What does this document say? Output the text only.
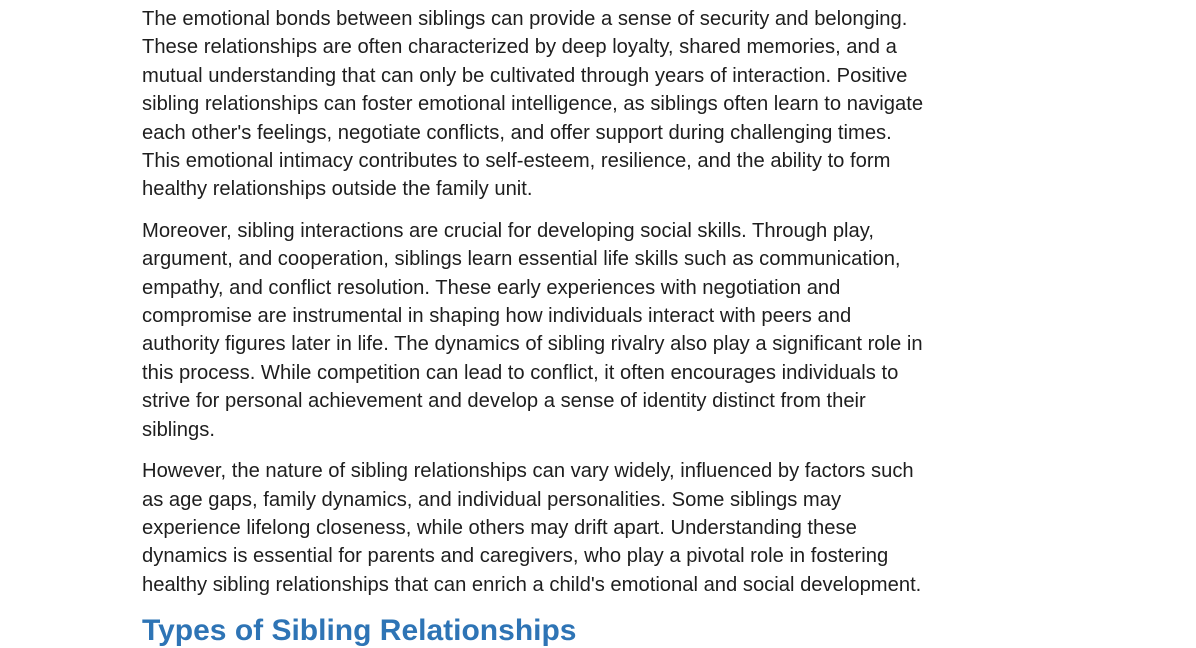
The emotional bonds between siblings can provide a sense of security and belonging.
These relationships are often characterized by deep loyalty, shared memories, and a
mutual understanding that can only be cultivated through years of interaction. Positive
sibling relationships can foster emotional intelligence, as siblings often learn to navigate
each other's feelings, negotiate conflicts, and offer support during challenging times.
This emotional intimacy contributes to self-esteem, resilience, and the ability to form
healthy relationships outside the family unit.

Moreover, sibling interactions are crucial for developing social skills. Through play,
argument, and cooperation, siblings learn essential life skills such as communication,
empathy, and conflict resolution. These early experiences with negotiation and
compromise are instrumental in shaping how individuals interact with peers and
authority figures later in life. The dynamics of sibling rivalry also play a significant role in
this process. While competition can lead to conflict, it often encourages individuals to
strive for personal achievement and develop a sense of identity distinct from their
siblings.

However, the nature of sibling relationships can vary widely, influenced by factors such
as age gaps, family dynamics, and individual personalities. Some siblings may
experience lifelong closeness, while others may drift apart. Understanding these
dynamics is essential for parents and caregivers, who play a pivotal role in fostering
healthy sibling relationships that can enrich a child's emotional and social development.

Types of Sibling Relationships
